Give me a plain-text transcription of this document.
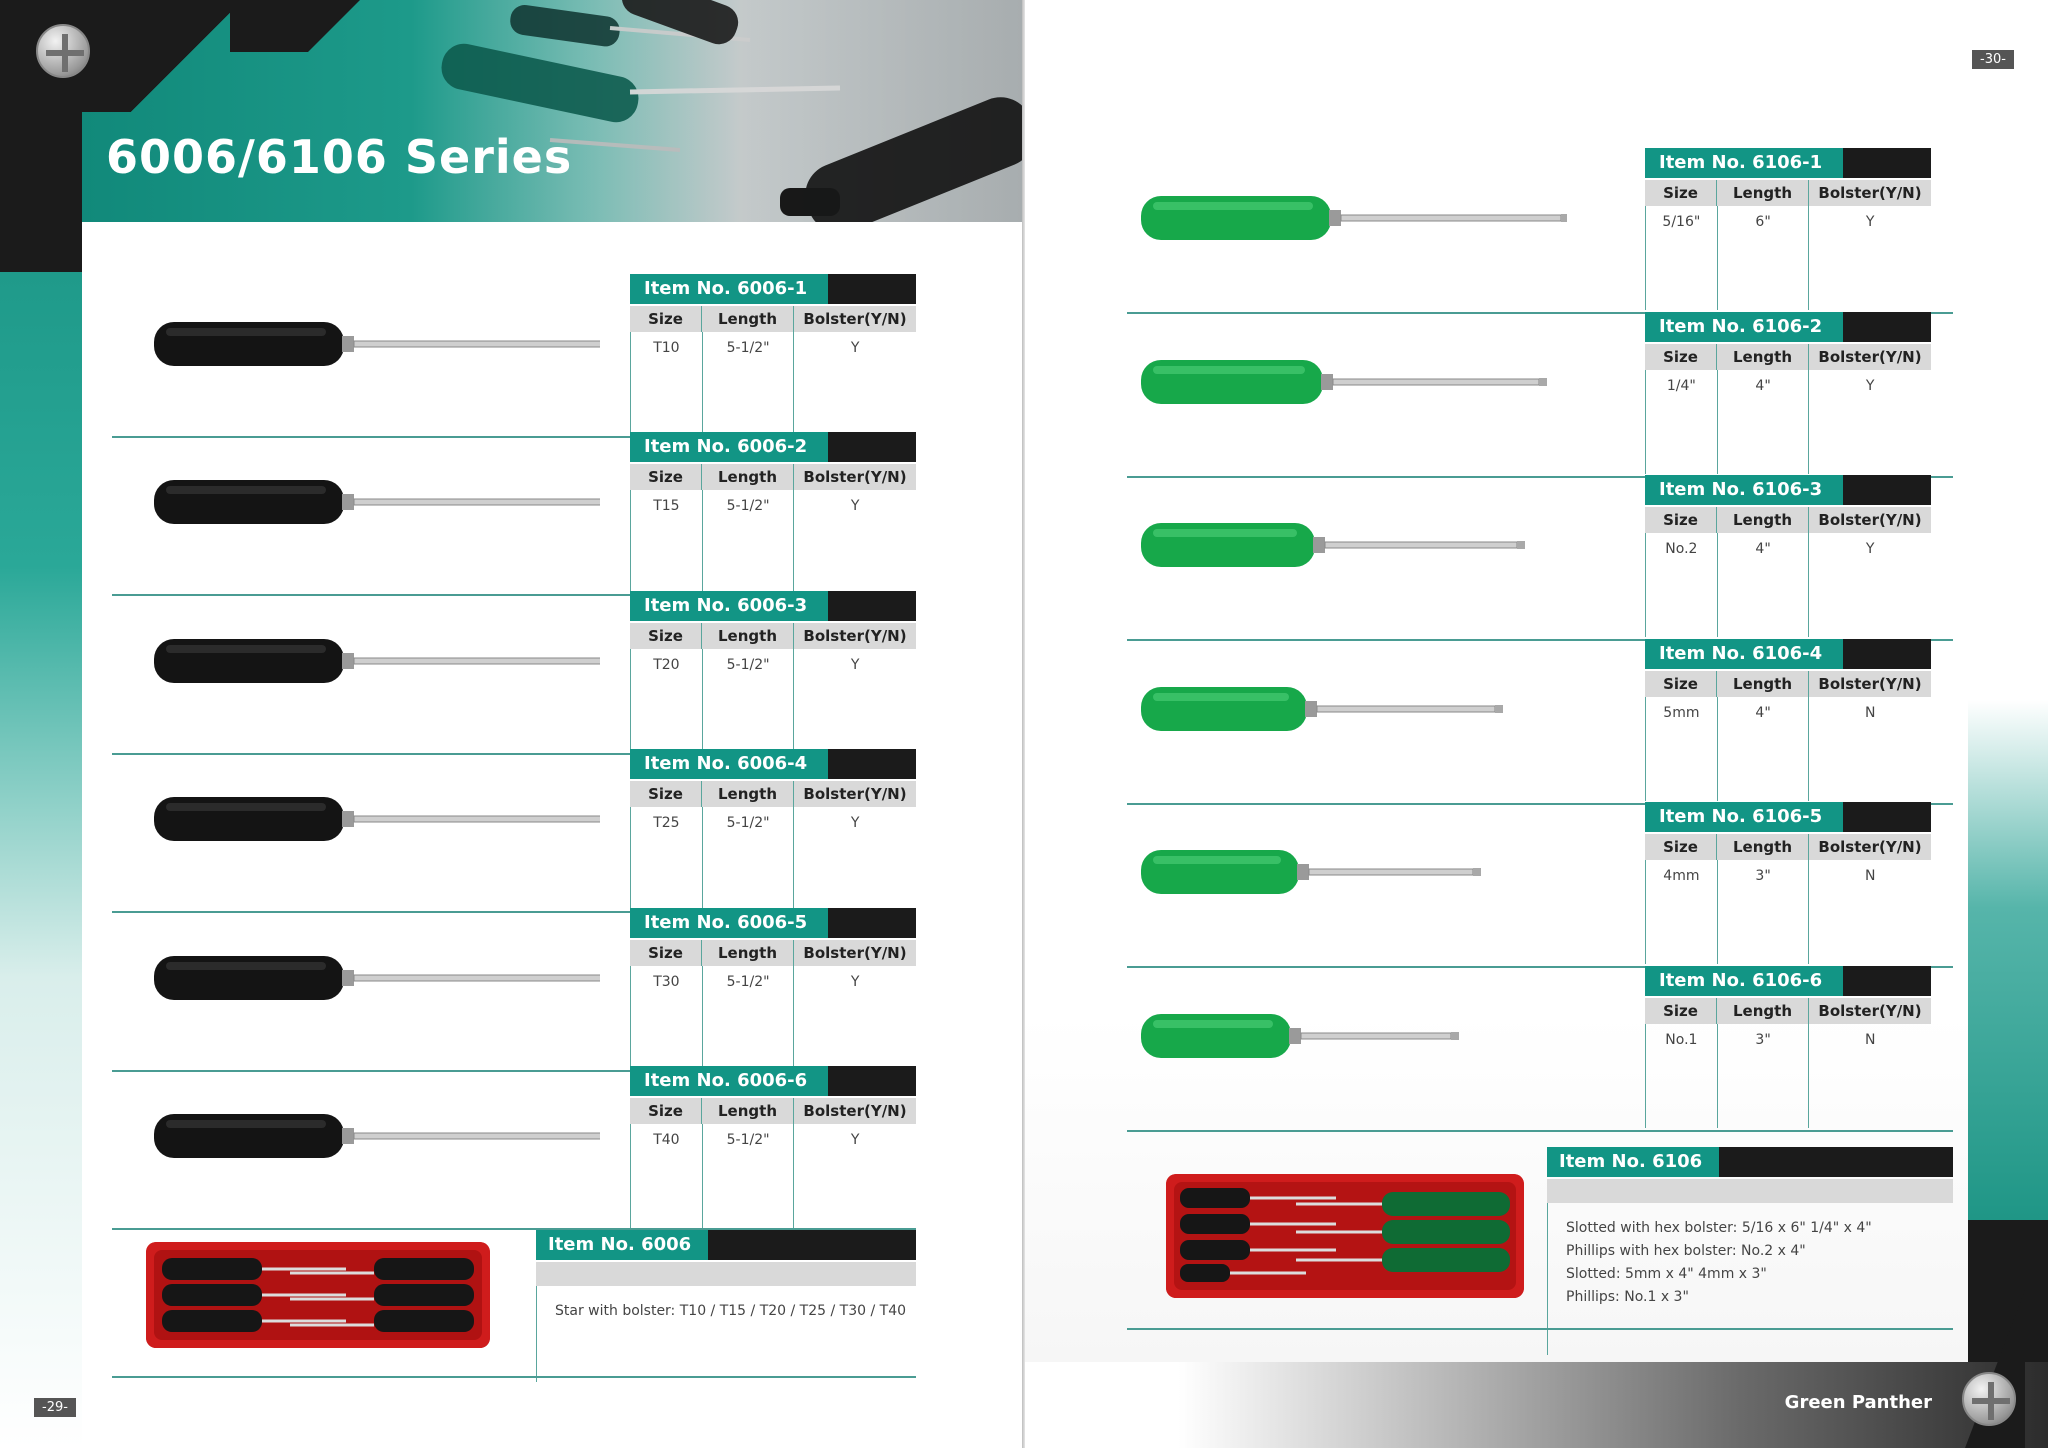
6006/6106 Series
Item No. 6006-1
Size	Length	Bolster(Y/N)
T10	5-1/2"	Y
Item No. 6006-2
Size	Length	Bolster(Y/N)
T15	5-1/2"	Y
Item No. 6006-3
Size	Length	Bolster(Y/N)
T20	5-1/2"	Y
Item No. 6006-4
Size	Length	Bolster(Y/N)
T25	5-1/2"	Y
Item No. 6006-5
Size	Length	Bolster(Y/N)
T30	5-1/2"	Y
Item No. 6006-6
Size	Length	Bolster(Y/N)
T40	5-1/2"	Y
Item No. 6006
Star with bolster: T10 / T15 / T20 / T25 / T30 / T40
-29-
-30-
Item No. 6106-1
Size	Length	Bolster(Y/N)
5/16"	6"	Y
Item No. 6106-2
Size	Length	Bolster(Y/N)
1/4"	4"	Y
Item No. 6106-3
Size	Length	Bolster(Y/N)
No.2	4"	Y
Item No. 6106-4
Size	Length	Bolster(Y/N)
5mm	4"	N
Item No. 6106-5
Size	Length	Bolster(Y/N)
4mm	3"	N
Item No. 6106-6
Size	Length	Bolster(Y/N)
No.1	3"	N
Item No. 6106
Slotted with hex bolster: 5/16 x 6" 1/4" x 4"
Phillips with hex bolster: No.2 x 4"
Slotted: 5mm x 4" 4mm x 3"
Phillips: No.1 x 3"
Green Panther
